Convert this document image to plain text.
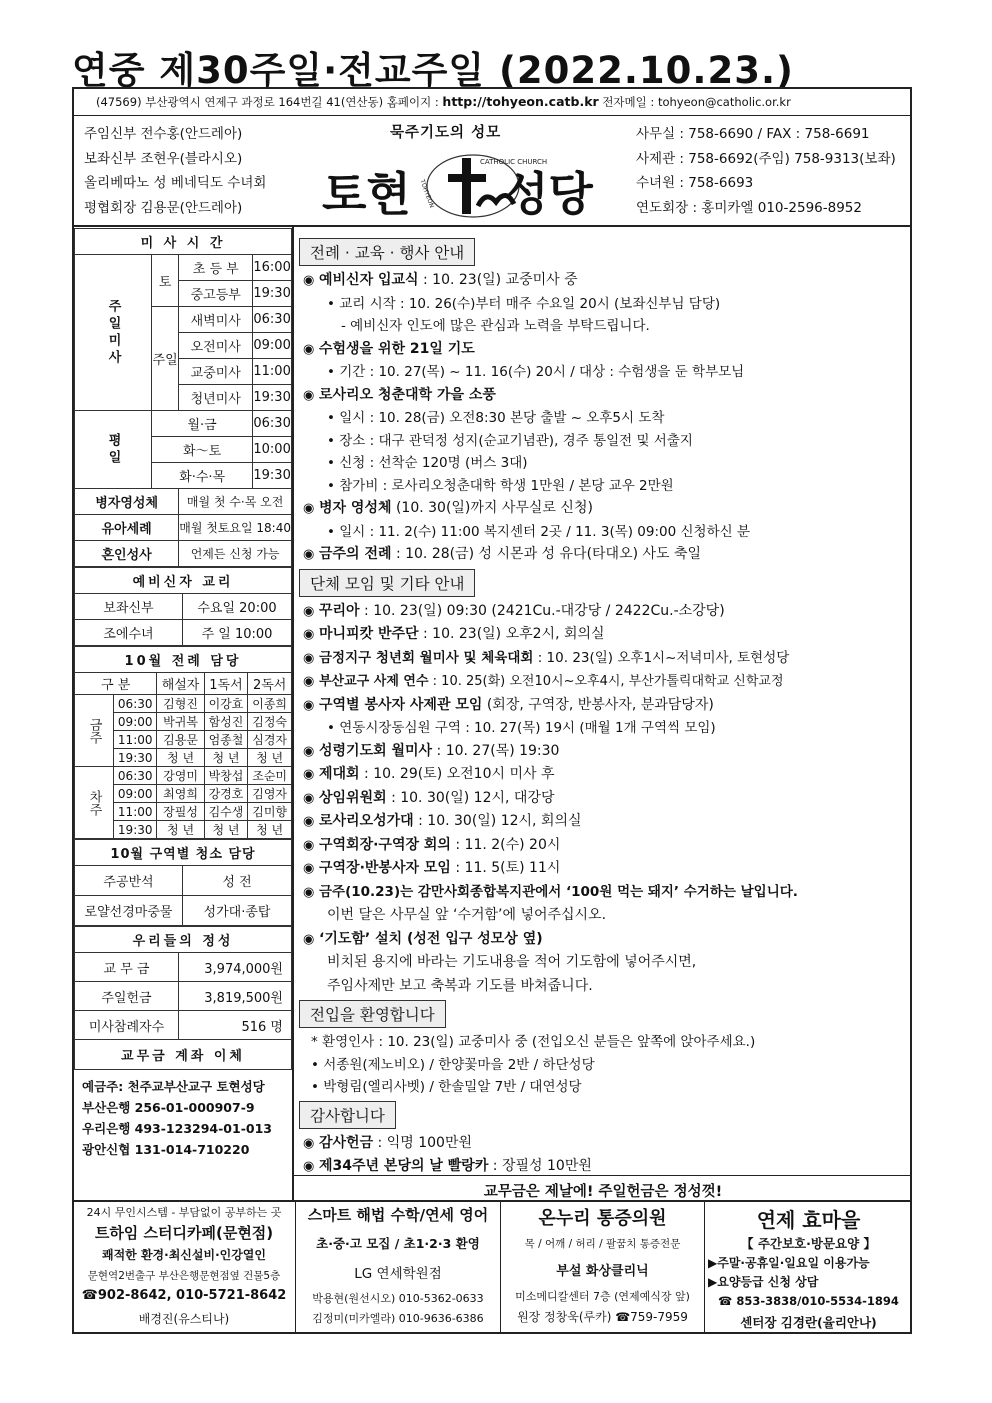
연중 제30주일·전교주일 (2022.10.23.)
(47569) 부산광역시 연제구 과정로 164번길 41(연산동) 홈페이지 : http://tohyeon.catb.kr 전자메일 : tohyeon@catholic.or.kr
주임신부 전수홍(안드레아)
보좌신부 조현우(블라시오)
올리베따노 성 베네딕도 수녀회
평협회장 김용문(안드레아)
묵주기도의 성모
토현
CATHOLIC CHURCH
TOHYEON 성당
사무실 : 758-6690 / FAX : 758-6691
사제관 : 758-6692(주임) 758-9313(보좌)
수녀원 : 758-6693
연도회장 : 홍미카엘 010-2596-8952
미 사 시 간			
주일미사	토	초 등 부	16:00
		중고등부	19:30
	주일	새벽미사	06:30
		오전미사	09:00
		교중미사	11:00
		청년미사	19:30
평일	월·금		06:30
	화～토		10:00
	화·수·목		19:30
병자영성체		매월 첫 수·목 오전	
유아세례		매월 첫토요일 18:40	
혼인성사		언제든 신청 가능	
예비신자 교리	
보좌신부	수요일 20:00
조에수녀	주 일 10:00
10월 전례 담당				
구 분		해설자	1독서	2독서
금주	06:30	김형진	이강효	이종희
	09:00	박귀복	함성진	김정숙
	11:00	김용문	엄종철	심경자
	19:30	청 년	청 년	청 년
차주	06:30	강영미	박창섭	조순미
	09:00	최영희	강경호	김영자
	11:00	장필성	김수생	김미향
	19:30	청 년	청 년	청 년
10월 구역별 청소 담당	
주공반석	성 전
로얄선경마중물	성가대·종탑
우리들의 정성	
교 무 금	3,974,000원
주일헌금	3,819,500원
미사참례자수	516 명
교무금 계좌 이체	
예금주: 천주교부산교구 토현성당
부산은행 256-01-000907-9
우리은행 493-123294-01-013
광안신협 131-014-710220
전례 · 교육 · 행사 안내
◉ 예비신자 입교식 : 10. 23(일) 교중미사 중
• 교리 시작 : 10. 26(수)부터 매주 수요일 20시 (보좌신부님 담당)
- 예비신자 인도에 많은 관심과 노력을 부탁드립니다.
◉ 수험생을 위한 21일 기도
• 기간 : 10. 27(목) ~ 11. 16(수) 20시 / 대상 : 수험생을 둔 학부모님
◉ 로사리오 청춘대학 가을 소풍
• 일시 : 10. 28(금) 오전8:30 본당 출발 ~ 오후5시 도착
• 장소 : 대구 관덕정 성지(순교기념관), 경주 통일전 및 서출지
• 신청 : 선착순 120명 (버스 3대)
• 참가비 : 로사리오청춘대학 학생 1만원 / 본당 교우 2만원
◉ 병자 영성체 (10. 30(일)까지 사무실로 신청)
• 일시 : 11. 2(수) 11:00 복지센터 2곳 / 11. 3(목) 09:00 신청하신 분
◉ 금주의 전례 : 10. 28(금) 성 시몬과 성 유다(타대오) 사도 축일
단체 모임 및 기타 안내
◉ 꾸리아 : 10. 23(일) 09:30 (2421Cu.-대강당 / 2422Cu.-소강당)
◉ 마니피캇 반주단 : 10. 23(일) 오후2시, 회의실
◉ 금정지구 청년회 월미사 및 체육대회 : 10. 23(일) 오후1시~저녁미사, 토현성당
◉ 부산교구 사제 연수 : 10. 25(화) 오전10시~오후4시, 부산가톨릭대학교 신학교정
◉ 구역별 봉사자 사제관 모임 (회장, 구역장, 반봉사자, 분과담당자)
• 연동시장동심원 구역 : 10. 27(목) 19시 (매월 1개 구역씩 모임)
◉ 성령기도회 월미사 : 10. 27(목) 19:30
◉ 제대회 : 10. 29(토) 오전10시 미사 후
◉ 상임위원회 : 10. 30(일) 12시, 대강당
◉ 로사리오성가대 : 10. 30(일) 12시, 회의실
◉ 구역회장·구역장 회의 : 11. 2(수) 20시
◉ 구역장·반봉사자 모임 : 11. 5(토) 11시
◉ 금주(10.23)는 감만사회종합복지관에서 ‘100원 먹는 돼지’ 수거하는 날입니다.
이번 달은 사무실 앞 ‘수거함’에 넣어주십시오.
◉ ‘기도함’ 설치 (성전 입구 성모상 옆)
비치된 용지에 바라는 기도내용을 적어 기도함에 넣어주시면,
주임사제만 보고 축복과 기도를 바쳐줍니다.
전입을 환영합니다
* 환영인사 : 10. 23(일) 교중미사 중 (전입오신 분들은 앞쪽에 앉아주세요.)
• 서종원(제노비오) / 한양꽃마을 2반 / 하단성당
• 박형림(엘리사벳) / 한솔밀알 7반 / 대연성당
감사합니다
◉ 감사헌금 : 익명 100만원
◉ 제34주년 본당의 날 빨랑카 : 장필성 10만원
교무금은 제날에! 주일헌금은 정성껏!
24시 무인시스템 - 부담없이 공부하는 곳
트하임 스터디카페(문현점)
쾌적한 환경·최신설비·인강열인
문현역2번출구 부산은행문현점옆 건물5층
☎902-8642, 010-5721-8642
배경진(유스티나)
스마트 해법 수학/연세 영어
초·중·고 모집 / 초1·2·3 환영
LG 연세학원점
박용현(원선시오) 010-5362-0633
김정미(미카엘라) 010-9636-6386
온누리 통증의원
목 / 어깨 / 허리 / 팔꿈치 통증전문
부설 화상클리닉
미소메디칼센터 7층 (연제예식장 앞)
원장 정창욱(루카) ☎759-7959
연제 효마을
【 주간보호·방문요양 】
▶주말·공휴일·일요일 이용가능
▶요양등급 신청 상담
☎ 853-3838/010-5534-1894
센터장 김경란(율리안나)
